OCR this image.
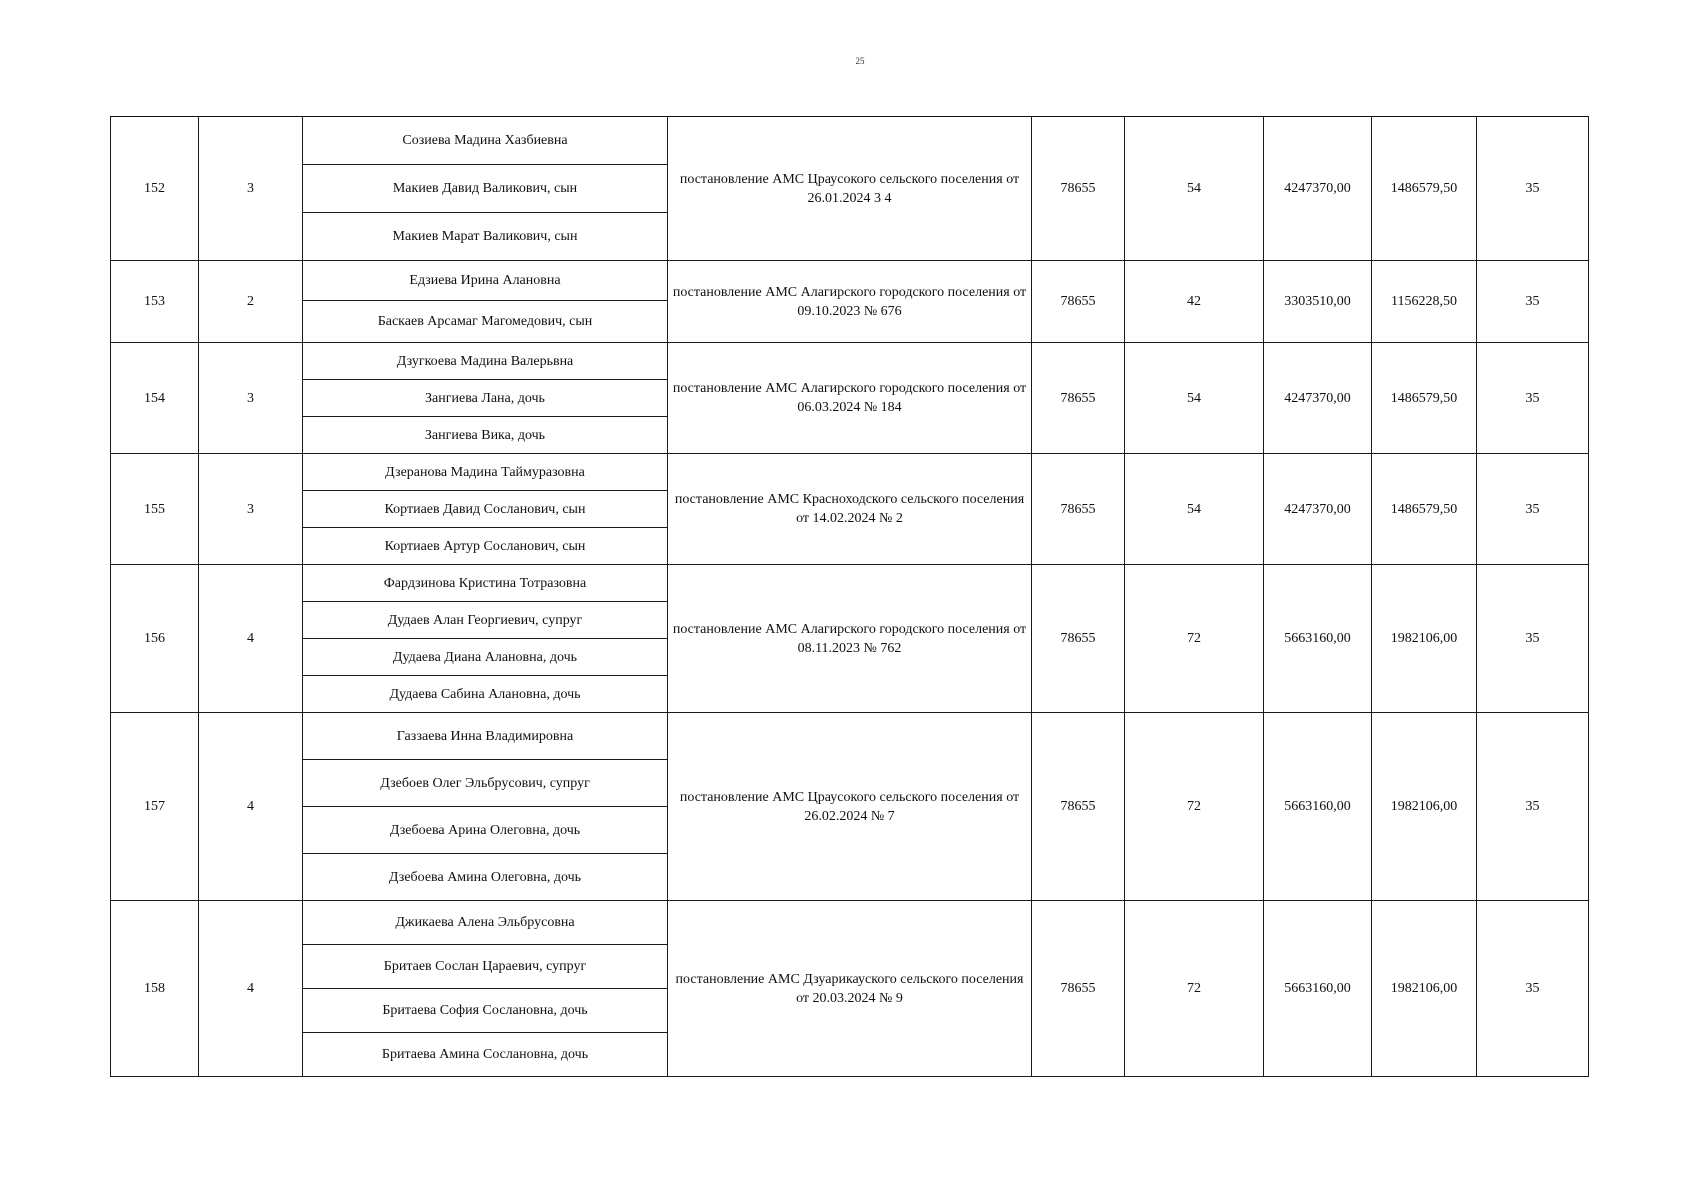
25
152	3	Созиева Мадина Хазбиевна	постановление АМС Цраусокого сельского поселения от 26.01.2024 3 4	78655	54	4247370,00	1486579,50	35
		Макиев Давид Валикович, сын						
		Макиев Марат Валикович, сын						
153	2	Едзиева Ирина Алановна	постановление АМС Алагирского городского поселения от 09.10.2023 № 676	78655	42	3303510,00	1156228,50	35
		Баскаев Арсамаг Магомедович, сын						
154	3	Дзугкоева Мадина Валерьвна	постановление АМС Алагирского городского поселения от 06.03.2024 № 184	78655	54	4247370,00	1486579,50	35
		Зангиева Лана, дочь						
		Зангиева Вика, дочь						
155	3	Дзеранова Мадина Таймуразовна	постановление АМС Красноходского сельского поселения от 14.02.2024 № 2	78655	54	4247370,00	1486579,50	35
		Кортиаев Давид Сосланович, сын						
		Кортиаев Артур Сосланович, сын						
156	4	Фардзинова Кристина Тотразовна	постановление АМС Алагирского городского поселения от 08.11.2023 № 762	78655	72	5663160,00	1982106,00	35
		Дудаев Алан Георгиевич, супруг						
		Дудаева Диана Алановна, дочь						
		Дудаева Сабина Алановна, дочь						
157	4	Газзаева Инна Владимировна	постановление АМС Цраусокого сельского поселения от 26.02.2024 № 7	78655	72	5663160,00	1982106,00	35
		Дзебоев Олег Эльбрусович, супруг						
		Дзебоева Арина Олеговна, дочь						
		Дзебоева Амина Олеговна, дочь						
158	4	Джикаева Алена Эльбрусовна	постановление АМС Дзуарикауского сельского поселения от 20.03.2024 № 9	78655	72	5663160,00	1982106,00	35
		Бритаев Сослан Цараевич, супруг						
		Бритаева София Сослановна, дочь						
		Бритаева Амина Сослановна, дочь						
